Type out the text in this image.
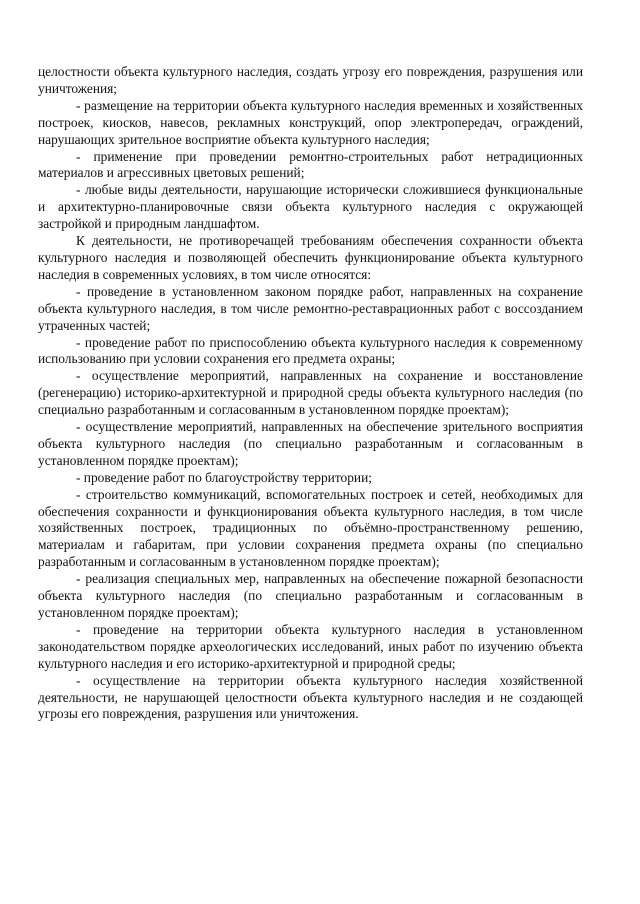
целостности объекта культурного наследия, создать угрозу его повреждения, разрушения или уничтожения;

- размещение на территории объекта культурного наследия временных и хозяйственных построек, киосков, навесов, рекламных конструкций, опор электропередач, ограждений, нарушающих зрительное восприятие объекта культурного наследия;

- применение при проведении ремонтно-строительных работ нетрадиционных материалов и агрессивных цветовых решений;

- любые виды деятельности, нарушающие исторически сложившиеся функциональные и архитектурно-планировочные связи объекта культурного наследия с окружающей застройкой и природным ландшафтом.

К деятельности, не противоречащей требованиям обеспечения сохранности объекта культурного наследия и позволяющей обеспечить функционирование объекта культурного наследия в современных условиях, в том числе относятся:

- проведение в установленном законом порядке работ, направленных на сохранение объекта культурного наследия, в том числе ремонтно-реставрационных работ с воссозданием утраченных частей;

- проведение работ по приспособлению объекта культурного наследия к современному использованию при условии сохранения его предмета охраны;

- осуществление мероприятий, направленных на сохранение и восстановление (регенерацию) историко-архитектурной и природной среды объекта культурного наследия (по специально разработанным и согласованным в установленном порядке проектам);

- осуществление мероприятий, направленных на обеспечение зрительного восприятия объекта культурного наследия (по специально разработанным и согласованным в установленном порядке проектам);

- проведение работ по благоустройству территории;

- строительство коммуникаций, вспомогательных построек и сетей, необходимых для обеспечения сохранности и функционирования объекта культурного наследия, в том числе хозяйственных построек, традиционных по объёмно-пространственному решению, материалам и габаритам, при условии сохранения предмета охраны (по специально разработанным и согласованным в установленном порядке проектам);

- реализация специальных мер, направленных на обеспечение пожарной безопасности объекта культурного наследия (по специально разработанным и согласованным в установленном порядке проектам);

- проведение на территории объекта культурного наследия в установленном законодательством порядке археологических исследований, иных работ по изучению объекта культурного наследия и его историко-архитектурной и природной среды;

- осуществление на территории объекта культурного наследия хозяйственной деятельности, не нарушающей целостности объекта культурного наследия и не создающей угрозы его повреждения, разрушения или уничтожения.
